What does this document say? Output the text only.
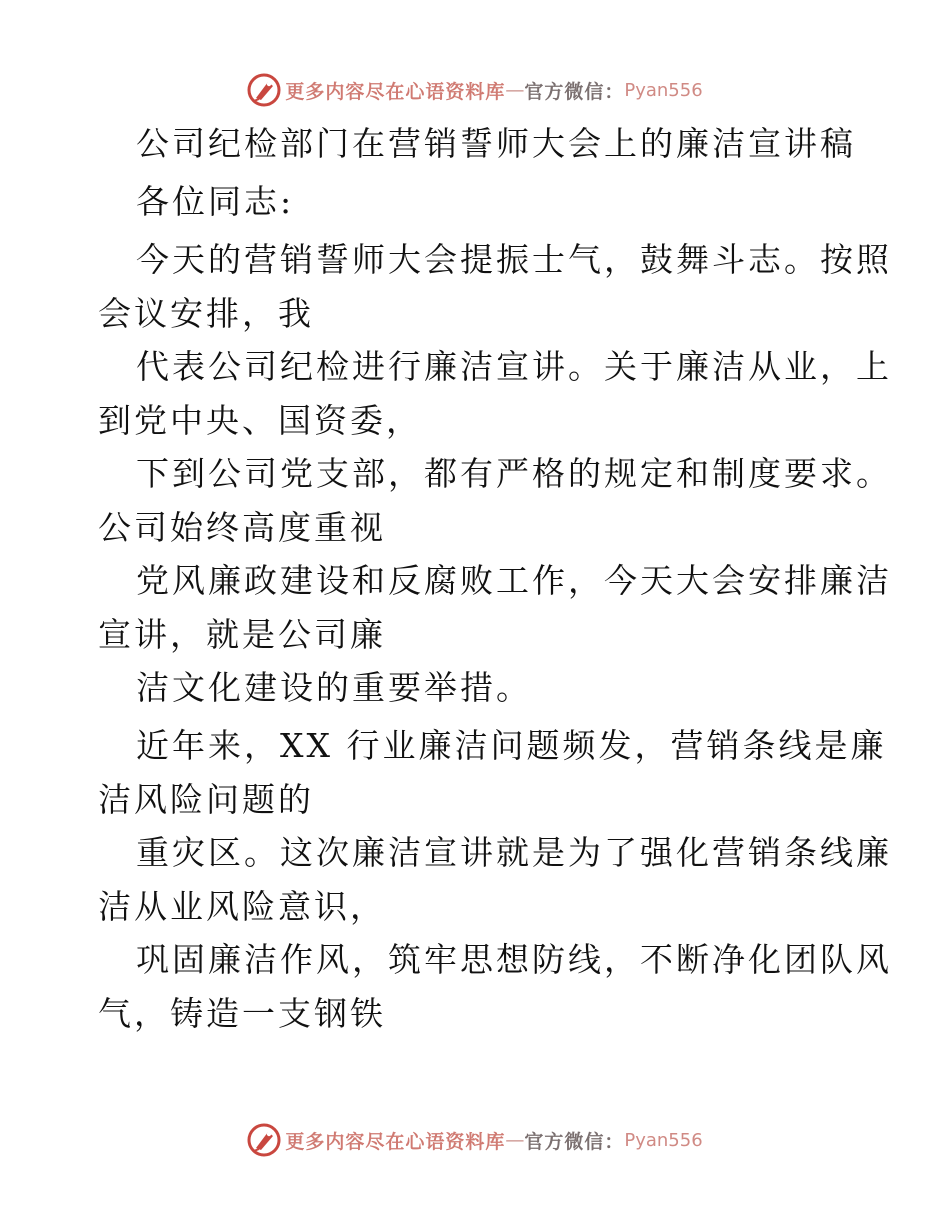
更多内容尽在心语资料库 — 官方微信： Pyan556
公司纪检部门在营销誓师大会上的廉洁宣讲稿
各位同志:
今天的营销誓师大会提振士气，鼓舞斗志。按照
会议安排，我
代表公司纪检进行廉洁宣讲。关于廉洁从业，上
到党中央、国资委，
下到公司党支部，都有严格的规定和制度要求。
公司始终高度重视
党风廉政建设和反腐败工作，今天大会安排廉洁
宣讲，就是公司廉
洁文化建设的重要举措。
近年来，XX 行业廉洁问题频发，营销条线是廉
洁风险问题的
重灾区。这次廉洁宣讲就是为了强化营销条线廉
洁从业风险意识，
巩固廉洁作风，筑牢思想防线，不断净化团队风
气，铸造一支钢铁
更多内容尽在心语资料库 — 官方微信： Pyan556
